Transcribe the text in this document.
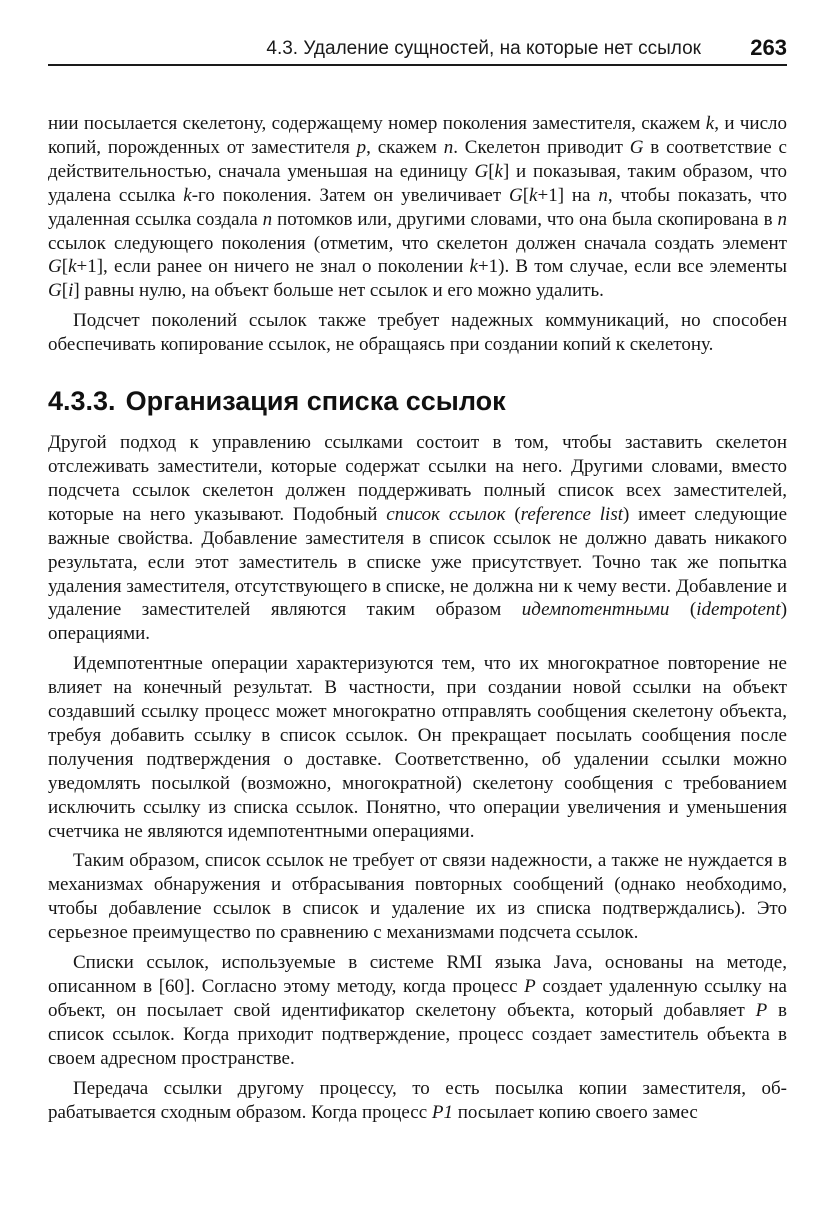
4.3. Удаление сущностей, на которые нет ссылок 263

нии посылается скелетону, содержащему номер поколения заместителя, скажем k, и число копий, порожденных от заместителя p, скажем n. Скелетон приводит G в соответствие с действительностью, сначала уменьшая на единицу G[k] и показывая, таким образом, что удалена ссылка k-го поколения. Затем он увеличивает G[k+1] на n, чтобы показать, что удаленная ссылка создала n потомков или, другими словами, что она была скопирована в n ссылок следующего поколения (отметим, что скелетон должен сначала создать элемент G[k+1], если ранее он ничего не знал о поколении k+1). В том случае, если все элементы G[i] равны нулю, на объект больше нет ссылок и его можно удалить.

Подсчет поколений ссылок также требует надежных коммуникаций, но способен обеспечивать копирование ссылок, не обращаясь при создании копий к скелетону.

4.3.3. Организация списка ссылок

Другой подход к управлению ссылками состоит в том, чтобы заставить скелетон отслеживать заместители, которые содержат ссылки на него. Другими словами, вместо подсчета ссылок скелетон должен поддерживать полный список всех заместителей, которые на него указывают. Подобный список ссылок (reference list) имеет следующие важные свойства. Добавление заместителя в список ссылок не должно давать никакого результата, если этот заместитель в списке уже присутствует. Точно так же попытка удаления заместителя, отсутствующего в списке, не должна ни к чему вести. Добавление и удаление заместителей являются таким образом идемпотентными (idempotent) операциями.

Идемпотентные операции характеризуются тем, что их многократное повторение не влияет на конечный результат. В частности, при создании новой ссылки на объект создавший ссылку процесс может многократно отправлять сообщения скелетону объекта, требуя добавить ссылку в список ссылок. Он прекращает посылать сообщения после получения подтверждения о доставке. Соответственно, об удалении ссылки можно уведомлять посылкой (возможно, многократной) скелетону сообщения с требованием исключить ссылку из списка ссылок. Понятно, что операции увеличения и уменьшения счетчика не являются идемпотентными операциями.

Таким образом, список ссылок не требует от связи надежности, а также не нуждается в механизмах обнаружения и отбрасывания повторных сообщений (однако необходимо, чтобы добавление ссылок в список и удаление их из списка подтверждались). Это серьезное преимущество по сравнению с механизмами подсчета ссылок.

Списки ссылок, используемые в системе RMI языка Java, основаны на методе, описанном в [60]. Согласно этому методу, когда процесс P создает удаленную ссылку на объект, он посылает свой идентификатор скелетону объекта, который добавляет P в список ссылок. Когда приходит подтверждение, процесс создает заместитель объекта в своем адресном пространстве.

Передача ссылки другому процессу, то есть посылка копии заместителя, обрабатывается сходным образом. Когда процесс P1 посылает копию своего замес
